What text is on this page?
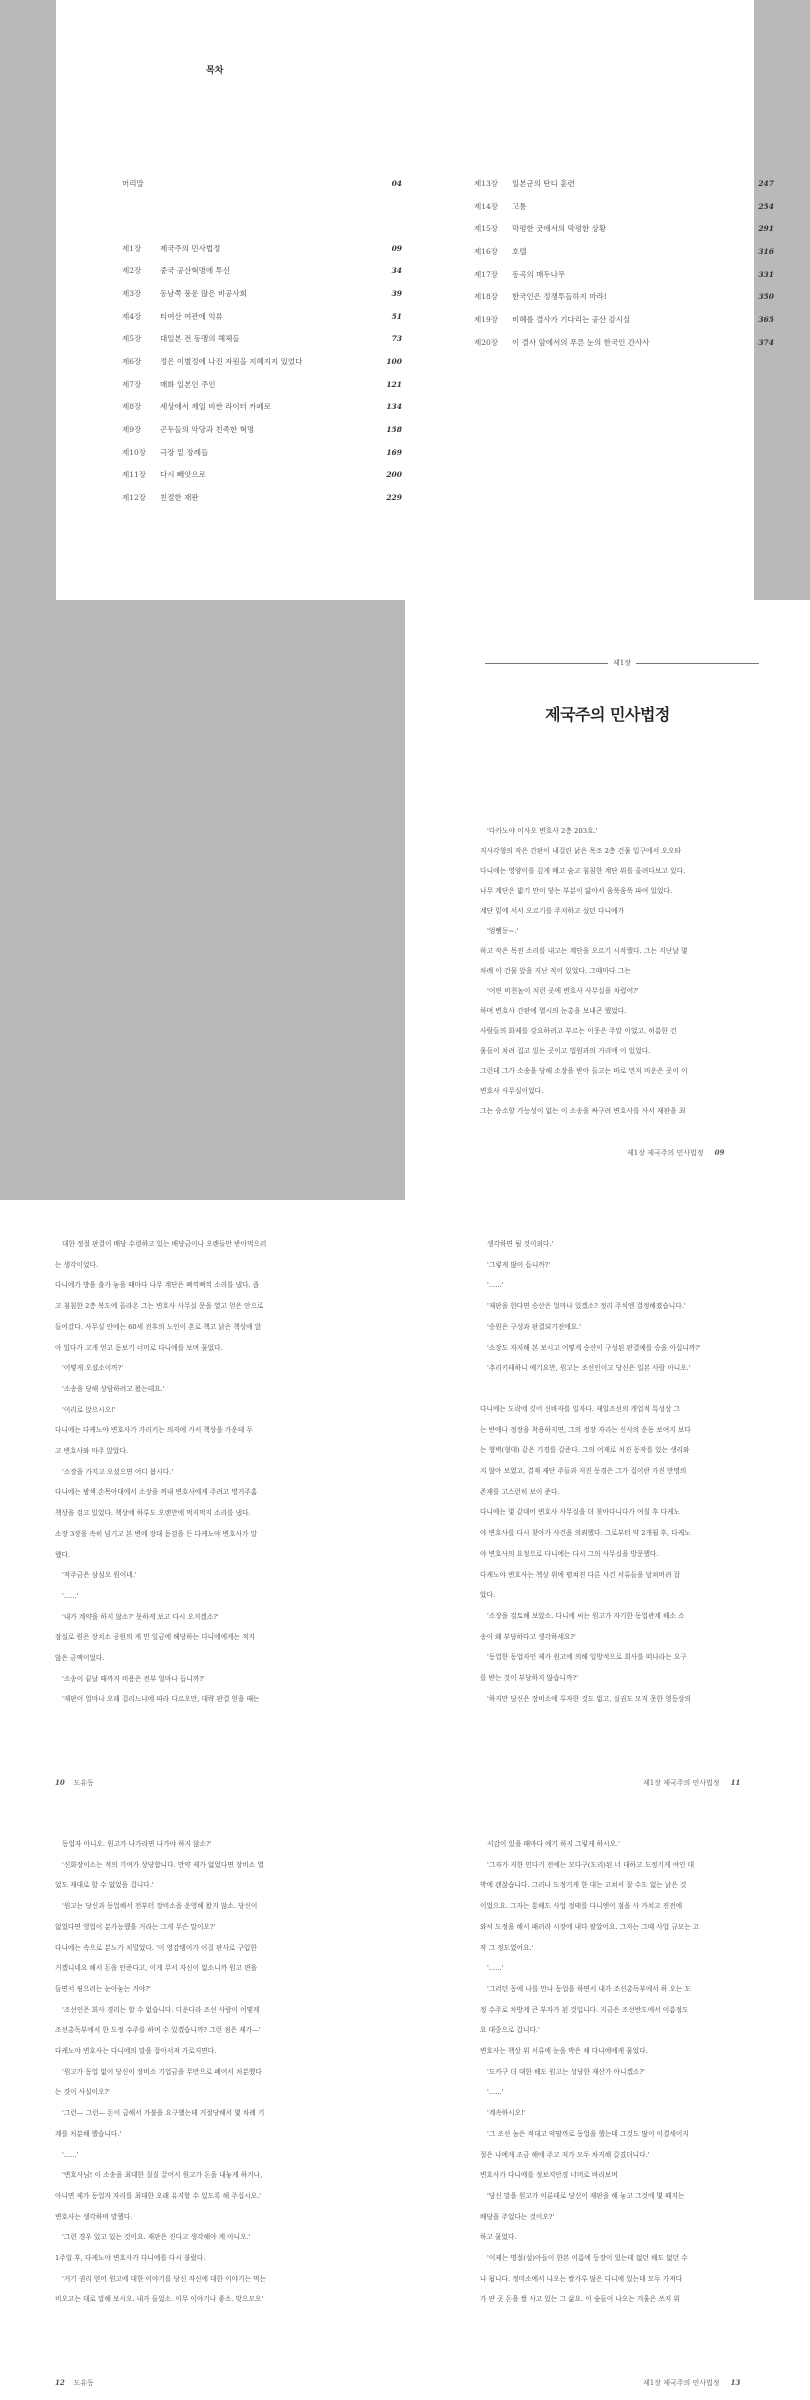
목차
머리말	04
제1장	제국주의 민사법정	09
제2장	중국 공산혁명에 투신	34
제3장	동남쪽 풍운 많은 비공사회	39
제4장	티여산 여관에 억류	51
제5장	대일본 전 동맹의 해체들	73
제6장	정은 이별정에 나진 자원을 지혜지지 있었다	100
제7장	매화 일본인 주인	121
제8장	세상에서 제일 비싼 라이터 카페로	134
제9장	곤두들의 악당과 친족한 혁명	158
제10장	극장 밑 장례들	169
제11장	다시 빼앗으로	200
제12장	친절한 재판	229
제13장	일본군의 탄디 훈련	247
제14장	고통	254
제15장	막평한 굿에서의 막평한 상황	291
제16장	호텔	316
제17장	동곡의 매두나무	331
제18장	한국인은 정쟁투들하지 마라!	350
제19장	비혜를 결사가 기다리는 공산 감시실	365
제20장	이 결사 앞에서의 푸른 눈의 한국인 간사사	374
제1장
제국주의 민사법정

'다카노야 이사오 변호사 2층 203호.'

직사각형의 작은 간판이 내걸린 낡은 목조 2층 건물 입구에서 오오타

다니에는 영양이를 깊게 배고 숨고 침침한 계단 위를 올려다보고 있다.

나무 계단은 밟기 만이 닿는 부분이 닳아서 움푹움푹 파여 있었다.

계단 밑에 서서 오르기를 주저하고 섰던 다니에가

'엄뻠둔~.'

하고 작은 목전 소리를 내고는 계단을 오르기 시작했다. 그는 지난날 몇

차례 이 건물 앞을 지난 적이 있었다. 그때마다 그는

'어떤 비천놈이 저런 곳에 변호사 사무실을 차렸어?'

하며 변호사 간판에 멸시의 눈총을 보내곤 했었다.

사람들의 화제를 강요하려고 부르는 이웃은 주말 이었고, 허름한 건

물들이 차려 집고 있는 곳이고 법원과의 거리에 이 있었다.

그런데 그가 소송을 당해 소장을 받아 들고는 바로 먼저 비운은 곳이 이

변호사 사무실이었다.

그는 승소할 가능성이 없는 이 소송을 싸구려 변호사를 사서 재판을 최

제1장 제국주의 민사법정 09

대한 정절 판결이 배당 수령하고 있는 배당금이나 오렌들만 받아먹으러

는 생각이었다.

다니에가 방을 출가 놓을 때마다 나무 계단은 삐끽삐끽 소리를 냈다. 좁

고 침침한 2층 복도에 올라온 그는 변호사 사무실 문을 열고 얻은 안으로

들어갔다. 사무실 안에는 60세 전후의 노인이 혼로 책고 낡은 책상에 앉

아 있다가 고개 얻고 돋보기 너머로 다니에를 보며 물었다.

'어떻게 오셨소이까?'

'소송을 당해 상담하려고 왔는데요.'

'이리로 앉으시오!'

다니에는 다케노야 변호사가 가리키는 의자에 가서 책상을 가운데 두

고 변호사와 마주 앉았다.

'소장을 가지고 오셨으면 어디 봅시다.'

다니에는 밤색 손목아대에서 소장을 꺼내 변호사에게 주려고 명거주홈

책상을 검고 있었다. 책상에 하루도 오랜만에 먹지먹지 소리를 냈다.

소장 3장을 속히 넘기고 본 변에 장대 돋검을 든 다케노야 변호사가 말

했다.

'작주금은 삼심오 원이네.'

'......'

'내가 계약을 하지 않소?' 못하게 보고 다시 오지겠소?'

잠실로 원은 장치소 공원의 게 민 일금에 해당하는 다니에에게는 적지

않은 금액이었다.

'소송이 끝날 때까지 비용은 전부 얼마나 듭니까?'

'재판이 얼마나 오래 걸리느냐에 따라 다르오만, 대략 판결 얻을 때는

10 도유동

생각하면 될 것이외다.'

'그렇게 많이 듭니까?'

'......'

'재판을 한다면 승산은 얼마나 있겠소? 정리 주식엔 결정해졌습니다.'

'승원은 구성과 판결되기전에요.'

'소장도 자지해 본 보시고 어떻게 승산이 구성된 판결예를 승을 아십니까?'

'추리키테하니 예기요만, 원고는 조선인이고 당신은 일본 사람 아니오.'

다니에는 도락에 깃어 신바자를 일자다. 재일조선의 개업적 특성상 그

는 반에나 정장을 착용하지면, 그의 정장 자리는 신사의 운동 보여지 보다

는 형벽(형대) 같은 기경를 갈준다. 그의 어재로 처진 동작를 있는 생리와

지 않아 보였고, 결재 재단 주들과 저진 동경은 그가 집이란 가진 만명의

존재를 고스런히 보이 준다.

다니에는 몇 같대어 변호사 사무실을 더 찾아다니다가 여칠 후 다케노

야 변호사를 다시 찾아가 사건을 의뢰했다. 그로부터 약 2개월 후, 다케노

야 변호사의 요청으로 다니에는 다시 그의 사무실을 방문했다.

다케노야 변호사는 책상 위에 펼쳐진 다른 사건 서류들을 덮쳐버려 잡

았다.

'소장을 검토해 보았소. 다니에 씨는 원고가 자기한 동업관계 해소 소

송이 왜 부당하다고 생각하세요?'

'동업한 동업자인 제가 원고에 의해 일방적으로 회사를 떠나라는 요구

를 받는 것이 부당하지 않습니까?'

'하지만 당신은 장비소에 투자한 것도 없고, 실권도 모직 못한 영등상의

제1장 제국주의 민사법정 11

동업자 아니오. 원고가 나가라면 나가야 하지 않소?'

'신화장이소는 적의 기여가 상당합니다. 만약 제가 없었다면 장비소 열

었도 재대로 할 수 없었을 겁니다.'

'원고는 당신과 동업해서 전부터 장비소을 운영해 왔지 않소. 당신이

없었다면 영업이 분가능했을 거라는 그게 무슨 말이오?'

다니에는 속으로 분노가 치밀었다. '이 영감탱이가 이걸 판사로 구입한

거겠니네요 해서 돈을 안준다고, 이게 무서 자신이 없소니까 원고 편을

들면서 핑으러는 눈아놓는 거야?'

'조선인은 회사 경리는 할 수 없습니다. 디운다라 조선 사람이 어떻게

조선총독부에서 한 도정 수주를 하며 수 있겠습니까? 그런 점은 제가—'

다케노야 변호사는 다니에의 말을 잡아서져 가로지면다.

'원고가 동업 없이 당신이 장비소 기업금을 무만으로 폐어서 처분했다

는 것이 사실이오?'

'그런— 그런— 돈이 급해서 가불을 요구했는데 거절당해서 몇 차례 기

계를 처분해 했습니다.'

'......'

'변호사님! 이 소송을 최대한 질질 끌어서 원고가 돈을 내놓게 하거나,

아니면 제가 동업자 자리를 최대한 오래 유지할 수 있도록 해 주십시오.'

변호사는 생각하며 말했다.

'그런 경우 있고 있는 것이요. 재판은 진다고 생각해야 게 아니오.'

1주일 후, 다케노야 변호사가 다니에를 다시 불렀다.

'거기 권리 얻어 원고에 대한 이야기를 당신 자신에 대한 이야기는 먹는

비오고는 대로 말해 보시오. 내가 들었소. 이무 이야기나 좋소. 맞으모오'

12 도유동

서감이 있을 때마다 예기 하지 그렇게 하시오.'

'그자가 지한 민다기 전에는 모다구(도리)된 너 대하고 도정기게 여인 대

박에 괜찮습니다. 그러나 도정기게 한 대는 고쳐서 잘 수도 없는 낡은 것

이었으요. 그자는 통해도 사업 정태를 다니엔이 점을 사 가치고 진전에

와서 도정을 해서 패러라 시장에 내다 팔았어요. 그자는 그때 사업 규모는 고

작 그 정도였어요.'

'......'

'그러던 동에 나를 만나 동업을 하면서 내가 조선총독부에서 하 오는 도

정 수주로 차방게 큰 부자가 된 것입니다. 지금은 조선반도에서 이름정도

요 대중으로 갑니다.'

변호사는 책상 위 서류에 눈을 박은 채 다니에에게 물었다.

'도카구 더 대한 해도 원고는 성당한 재산가 아니겠소?'

'......'

'계속하시오!'

'그 조선 놈은 적대고 약팔까로 동업을 했는데 그것도 많이 이결세이지

절은 나에게 조금 해에 주고 저가 모두 차지해 갈겼더니다.'

변호사가 다니에를 정보지안경 너머로 바라보며

'당신 말을 원고가 이룬데로 당신이 재판을 해 놓고 그것에 몇 떼지는

배당을 주었다는 것이오?'

하고 물었다.

'이제는 명절(설)아들이 한본 이름에 등장이 있는데 없던 해도 없던 수

나 됩니다. 정미소에서 나오는 쌀가루 많은 다니에 있는데 모두 가져다

가 딴 곳 돈을 쌀 사고 있는 그 삶요. 이 숲들이 나오는 겨울은 쓰지 위

제1장 제국주의 민사법정 13
